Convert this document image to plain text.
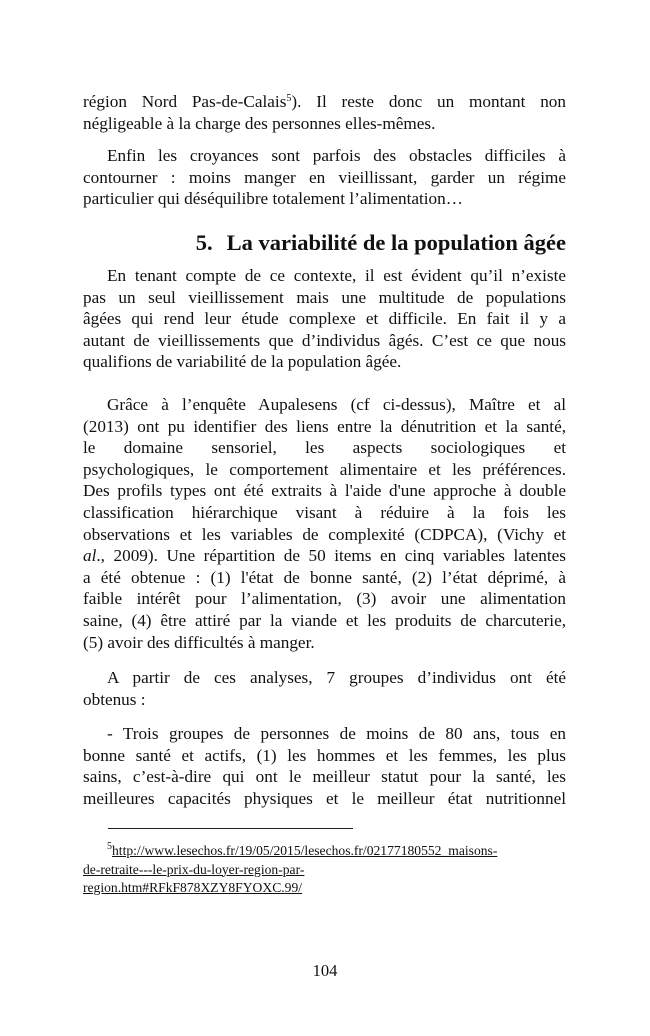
région Nord Pas-de-Calais$^5$). Il reste donc un montant non
négligeable à la charge des personnes elles-mêmes.
Enfin les croyances sont parfois des obstacles difficiles à
contourner : moins manger en vieillissant, garder un régime
particulier qui déséquilibre totalement l’alimentation…
5. La variabilité de la population âgée
En tenant compte de ce contexte, il est évident qu’il n’existe
pas un seul vieillissement mais une multitude de populations
âgées qui rend leur étude complexe et difficile. En fait il y a
autant de vieillissements que d’individus âgés. C’est ce que nous
qualifions de variabilité de la population âgée.
Grâce à l’enquête Aupalesens (cf ci-dessus), Maître et al
(2013) ont pu identifier des liens entre la dénutrition et la santé,
le domaine sensoriel, les aspects sociologiques et
psychologiques, le comportement alimentaire et les préférences.
Des profils types ont été extraits à l'aide d'une approche à double
classification hiérarchique visant à réduire à la fois les
observations et les variables de complexité (CDPCA), (Vichy et
al., 2009). Une répartition de 50 items en cinq variables latentes
a été obtenue : (1) l'état de bonne santé, (2) l’état déprimé, à
faible intérêt pour l’alimentation, (3) avoir une alimentation
saine, (4) être attiré par la viande et les produits de charcuterie,
(5) avoir des difficultés à manger.
A partir de ces analyses, 7 groupes d’individus ont été
obtenus :
- Trois groupes de personnes de moins de 80 ans, tous en
bonne santé et actifs, (1) les hommes et les femmes, les plus
sains, c’est-à-dire qui ont le meilleur statut pour la santé, les
meilleures capacités physiques et le meilleur état nutritionnel
$^5$http://www.lesechos.fr/19/05/2015/lesechos.fr/02177180552_maisons-
de-retraite---le-prix-du-loyer-region-par-
region.htm#RFkF878XZY8FYOXC.99/
104
